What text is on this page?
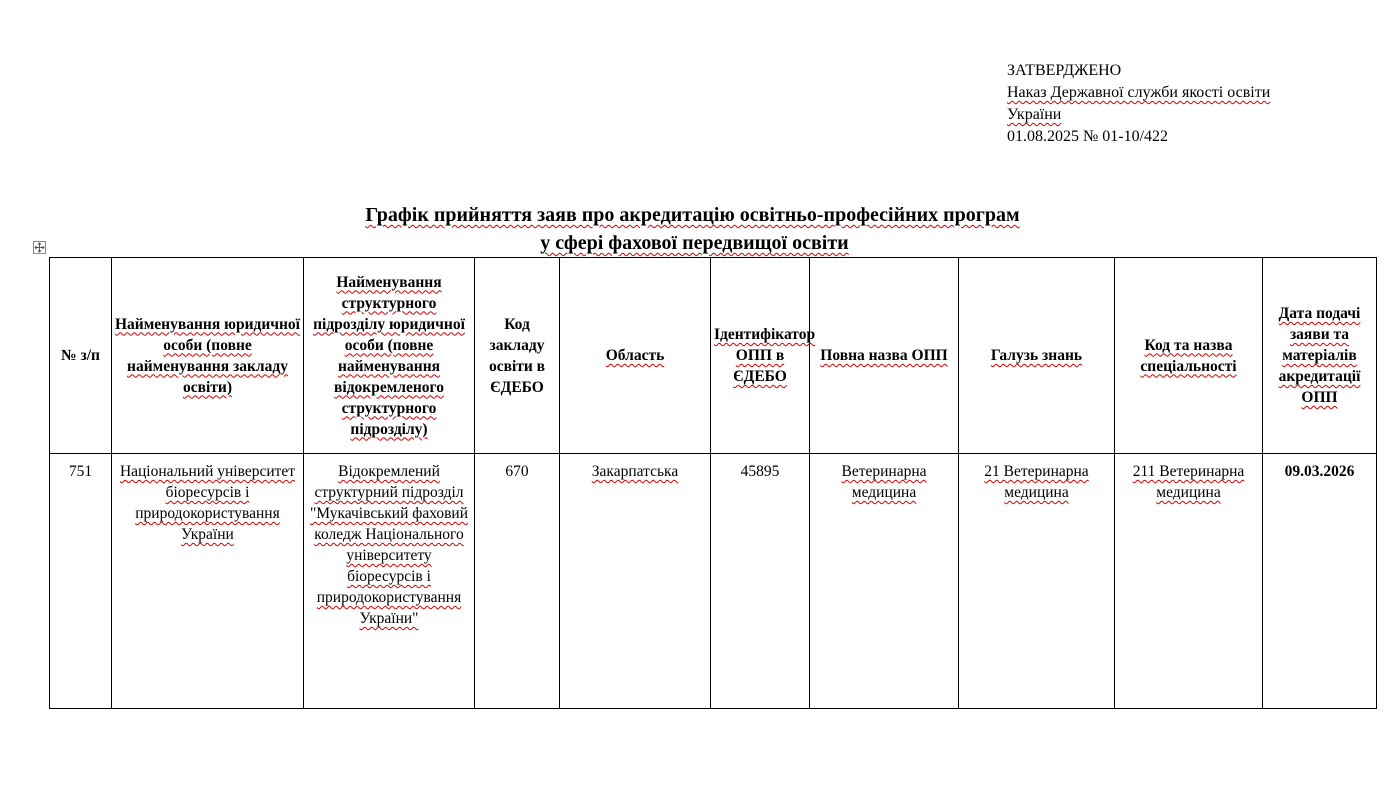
ЗАТВЕРДЖЕНО
Наказ Державної служби якості освіти
України
01.08.2025 № 01-10/422
Графік прийняття заяв про акредитацію освітньо-професійних програм
у сфері фахової передвищої освіти
№ з/п	Найменування юридичної особи (повне найменування закладу освіти)	Найменування структурного підрозділу юридичної особи (повне найменування відокремленого структурного підрозділу)	Код закладу освіти в ЄДЕБО	Область	Ідентифікатор ОПП в ЄДЕБО	Повна назва ОПП	Галузь знань	Код та назва спеціальності	Дата подачі заяви та матеріалів акредитації ОПП
751	Національний університет біоресурсів і природокористування України	Відокремлений структурний підрозділ "Мукачівський фаховий коледж Національного університету біоресурсів і природокористування України"	670	Закарпатська	45895	Ветеринарна медицина	21 Ветеринарна медицина	211 Ветеринарна медицина	09.03.2026
